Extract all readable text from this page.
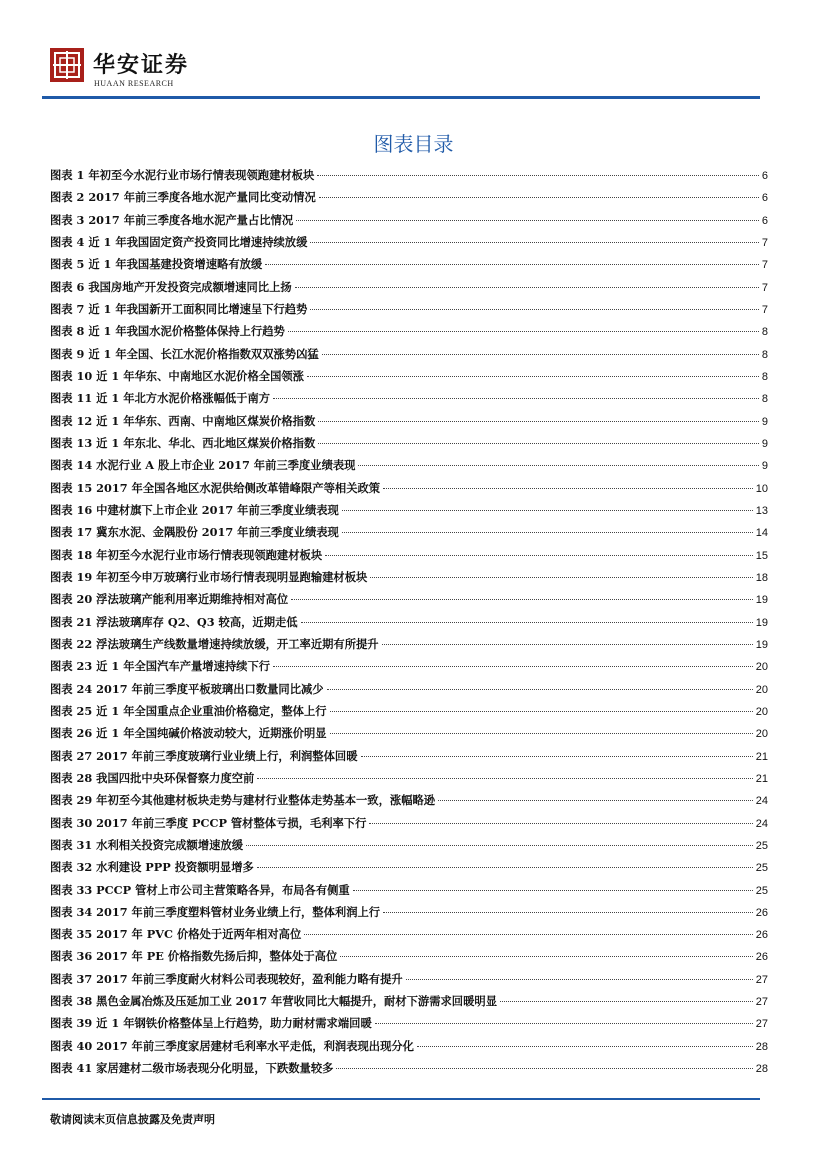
华安证券
HUAAN RESEARCH
图表目录
图表 1 年初至今水泥行业市场行情表现领跑建材板块	6
图表 2 2017 年前三季度各地水泥产量同比变动情况	6
图表 3 2017 年前三季度各地水泥产量占比情况	6
图表 4 近 1 年我国固定资产投资同比增速持续放缓	7
图表 5 近 1 年我国基建投资增速略有放缓	7
图表 6 我国房地产开发投资完成额增速同比上扬	7
图表 7 近 1 年我国新开工面积同比增速呈下行趋势	7
图表 8 近 1 年我国水泥价格整体保持上行趋势	8
图表 9 近 1 年全国、长江水泥价格指数双双涨势凶猛	8
图表 10 近 1 年华东、中南地区水泥价格全国领涨	8
图表 11 近 1 年北方水泥价格涨幅低于南方	8
图表 12 近 1 年华东、西南、中南地区煤炭价格指数	9
图表 13 近 1 年东北、华北、西北地区煤炭价格指数	9
图表 14 水泥行业 A 股上市企业 2017 年前三季度业绩表现	9
图表 15 2017 年全国各地区水泥供给侧改革错峰限产等相关政策	10
图表 16 中建材旗下上市企业 2017 年前三季度业绩表现	13
图表 17 冀东水泥、金隅股份 2017 年前三季度业绩表现	14
图表 18 年初至今水泥行业市场行情表现领跑建材板块	15
图表 19 年初至今申万玻璃行业市场行情表现明显跑输建材板块	18
图表 20 浮法玻璃产能利用率近期维持相对高位	19
图表 21 浮法玻璃库存 Q2、Q3 较高，近期走低	19
图表 22 浮法玻璃生产线数量增速持续放缓，开工率近期有所提升	19
图表 23 近 1 年全国汽车产量增速持续下行	20
图表 24 2017 年前三季度平板玻璃出口数量同比减少	20
图表 25 近 1 年全国重点企业重油价格稳定，整体上行	20
图表 26 近 1 年全国纯碱价格波动较大，近期涨价明显	20
图表 27 2017 年前三季度玻璃行业业绩上行，利润整体回暖	21
图表 28 我国四批中央环保督察力度空前	21
图表 29 年初至今其他建材板块走势与建材行业整体走势基本一致，涨幅略逊	24
图表 30 2017 年前三季度 PCCP 管材整体亏损，毛利率下行	24
图表 31 水利相关投资完成额增速放缓	25
图表 32 水利建设 PPP 投资额明显增多	25
图表 33 PCCP 管材上市公司主营策略各异，布局各有侧重	25
图表 34 2017 年前三季度塑料管材业务业绩上行，整体利润上行	26
图表 35 2017 年 PVC 价格处于近两年相对高位	26
图表 36 2017 年 PE 价格指数先扬后抑，整体处于高位	26
图表 37 2017 年前三季度耐火材料公司表现较好，盈利能力略有提升	27
图表 38 黑色金属冶炼及压延加工业 2017 年营收同比大幅提升，耐材下游需求回暖明显	27
图表 39 近 1 年钢铁价格整体呈上行趋势，助力耐材需求端回暖	27
图表 40 2017 年前三季度家居建材毛利率水平走低，利润表现出现分化	28
图表 41 家居建材二级市场表现分化明显，下跌数量较多	28
敬请阅读末页信息披露及免责声明
